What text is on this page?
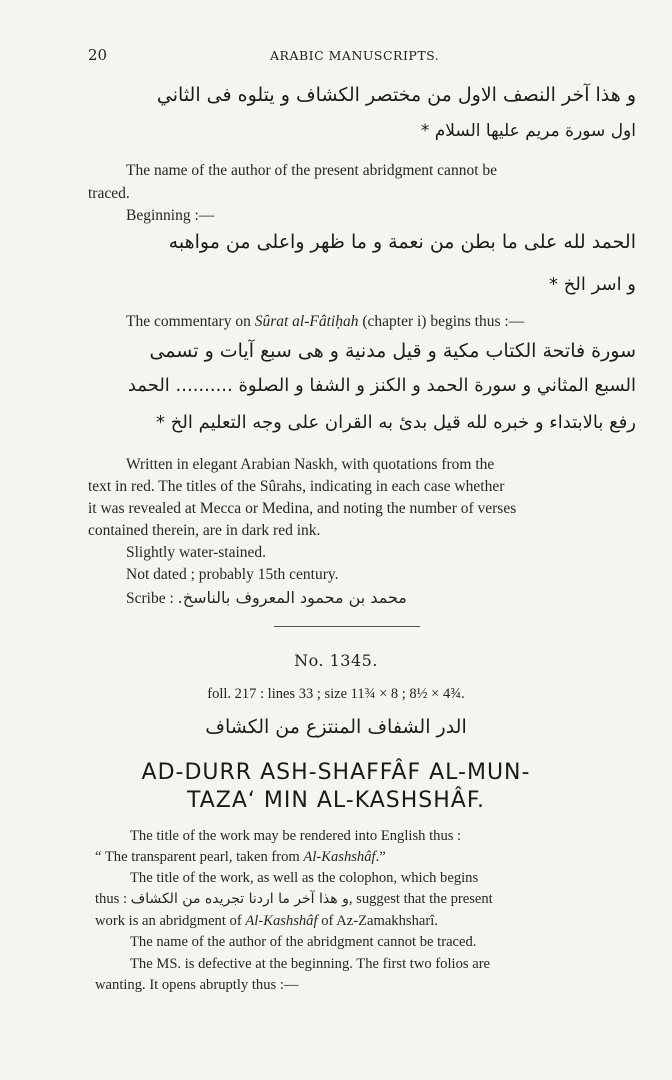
20	ARABIC MANUSCRIPTS.
و هذا آخر النصف الاول من مختصر الكشاف و يتلوه فى الثاني
اول سورة مريم عليها السلام *
The name of the author of the present abridgment cannot be
traced.
Beginning :—
الحمد لله على ما بطن من نعمة و ما ظهر واعلى من مواهبه
و اسر الخ *
The commentary on Sûrat al-Fâtiḥah (chapter i) begins thus :—
سورة فاتحة الكتاب مكية و قيل مدنية و هى سبع آيات و تسمى
السبع المثاني و سورة الحمد و الكنز و الشفا و الصلوة .......... الحمد
رفع بالابتداء و خبره لله قيل بدئ به القران على وجه التعليم الخ *
Written in elegant Arabian Naskh, with quotations from the
text in red. The titles of the Sûrahs, indicating in each case whether
it was revealed at Mecca or Medina, and noting the number of verses
contained therein, are in dark red ink.
Slightly water-stained.
Not dated ; probably 15th century.
Scribe : محمد بن محمود المعروف بالناسخ.
No. 1345.
foll. 217 : lines 33 ; size 11¾ × 8 ; 8½ × 4¾.
الدر الشفاف المنتزع من الكشاف
AD-DURR ASH-SHAFFÂF AL-MUN-
TAZA‘ MIN AL-KASHSHÂF.
The title of the work may be rendered into English thus :
“ The transparent pearl, taken from Al-Kashshâf.”
The title of the work, as well as the colophon, which begins
thus : و هذا آخر ما اردنا تجريده من الكشاف, suggest that the present
work is an abridgment of Al-Kashshâf of Az-Zamakhsharî.
The name of the author of the abridgment cannot be traced.
The MS. is defective at the beginning. The first two folios are
wanting. It opens abruptly thus :—
